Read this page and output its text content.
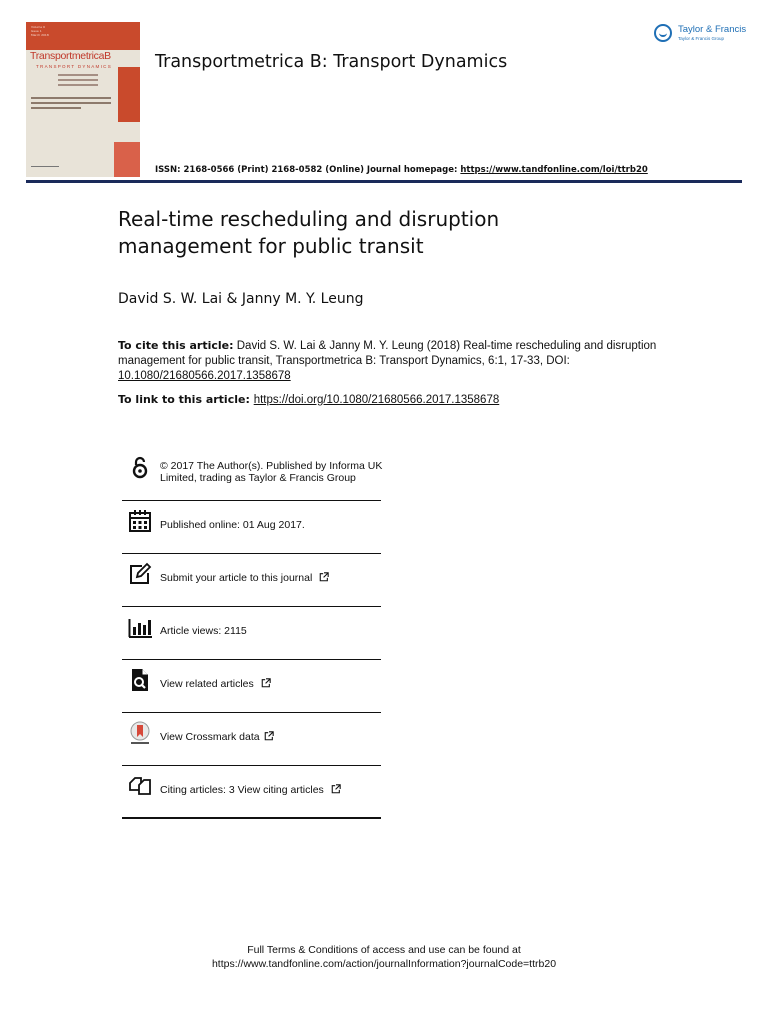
Volume 6
Issue 1
March 2018
TransportmetricaB
TRANSPORT DYNAMICS Transportmetrica B: Transport Dynamics
Taylor & Francis
Taylor & Francis Group
ISSN: 2168-0566 (Print) 2168-0582 (Online) Journal homepage: https://www.tandfonline.com/loi/ttrb20
Real-time rescheduling and disruption management for public transit
David S. W. Lai & Janny M. Y. Leung
To cite this article: David S. W. Lai & Janny M. Y. Leung (2018) Real-time rescheduling and disruption management for public transit, Transportmetrica B: Transport Dynamics, 6:1, 17-33, DOI: 10.1080/21680566.2017.1358678
To link to this article: https://doi.org/10.1080/21680566.2017.1358678
© 2017 The Author(s). Published by Informa UK Limited, trading as Taylor & Francis Group
Published online: 01 Aug 2017.
Submit your article to this journal
Article views: 2115
View related articles
View Crossmark data
Citing articles: 3 View citing articles
Full Terms & Conditions of access and use can be found at
https://www.tandfonline.com/action/journalInformation?journalCode=ttrb20
